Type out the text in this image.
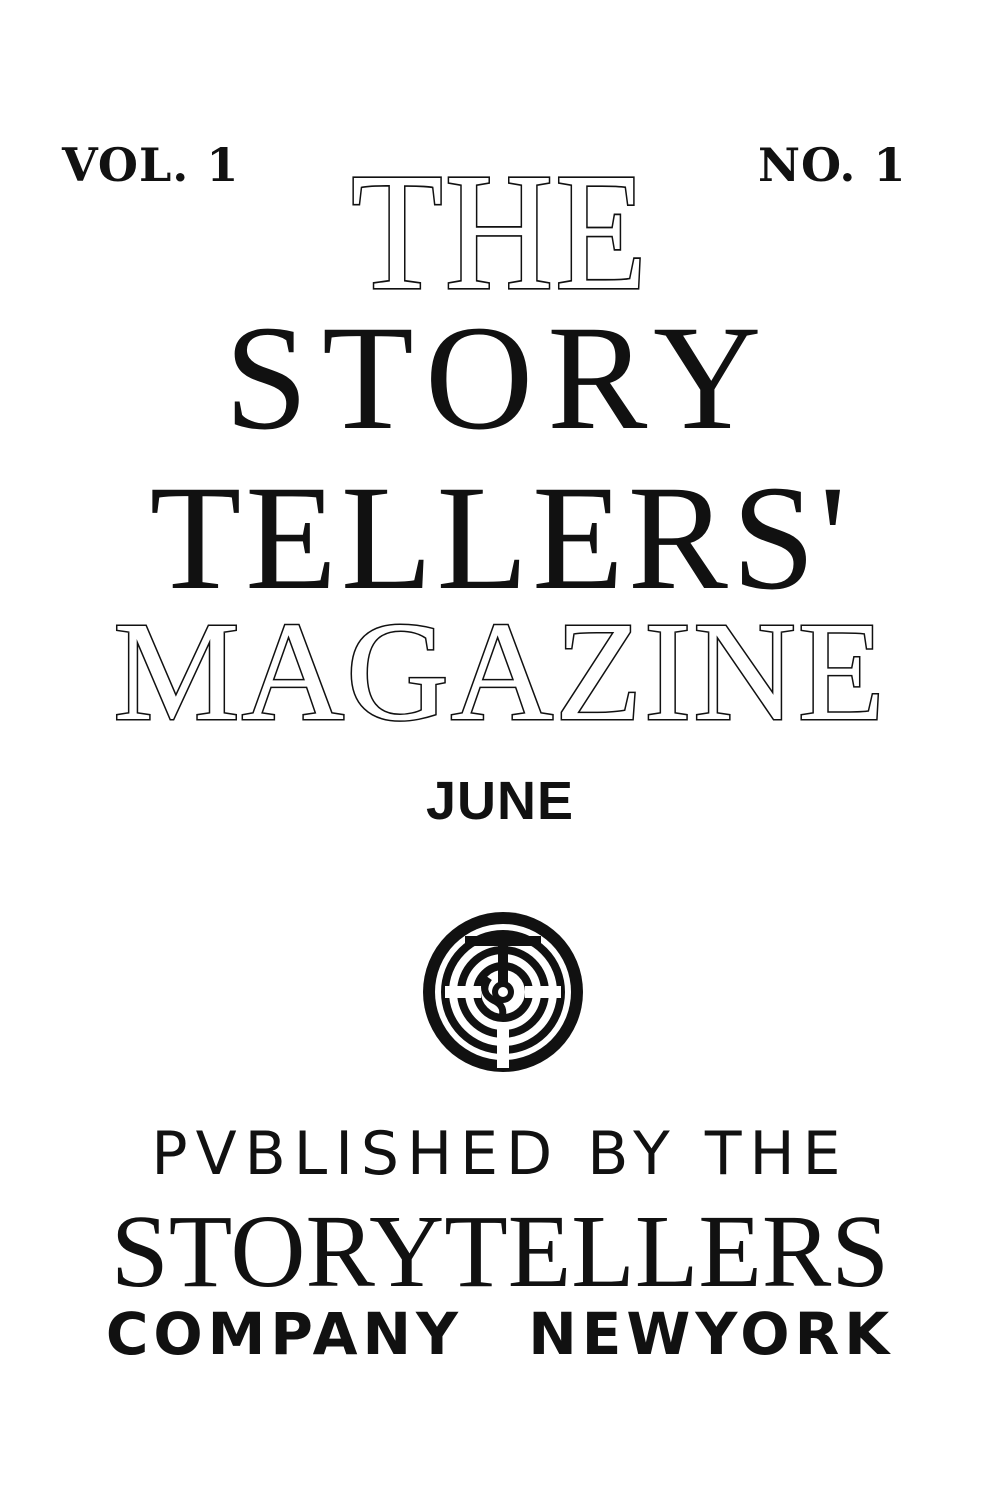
VOL. 1	NO. 1
THE
STORY
TELLERS'
MAGAZINE
JUNE
PVBLISHED BY THE
STORYTELLERS
COMPANY NEWYORK
